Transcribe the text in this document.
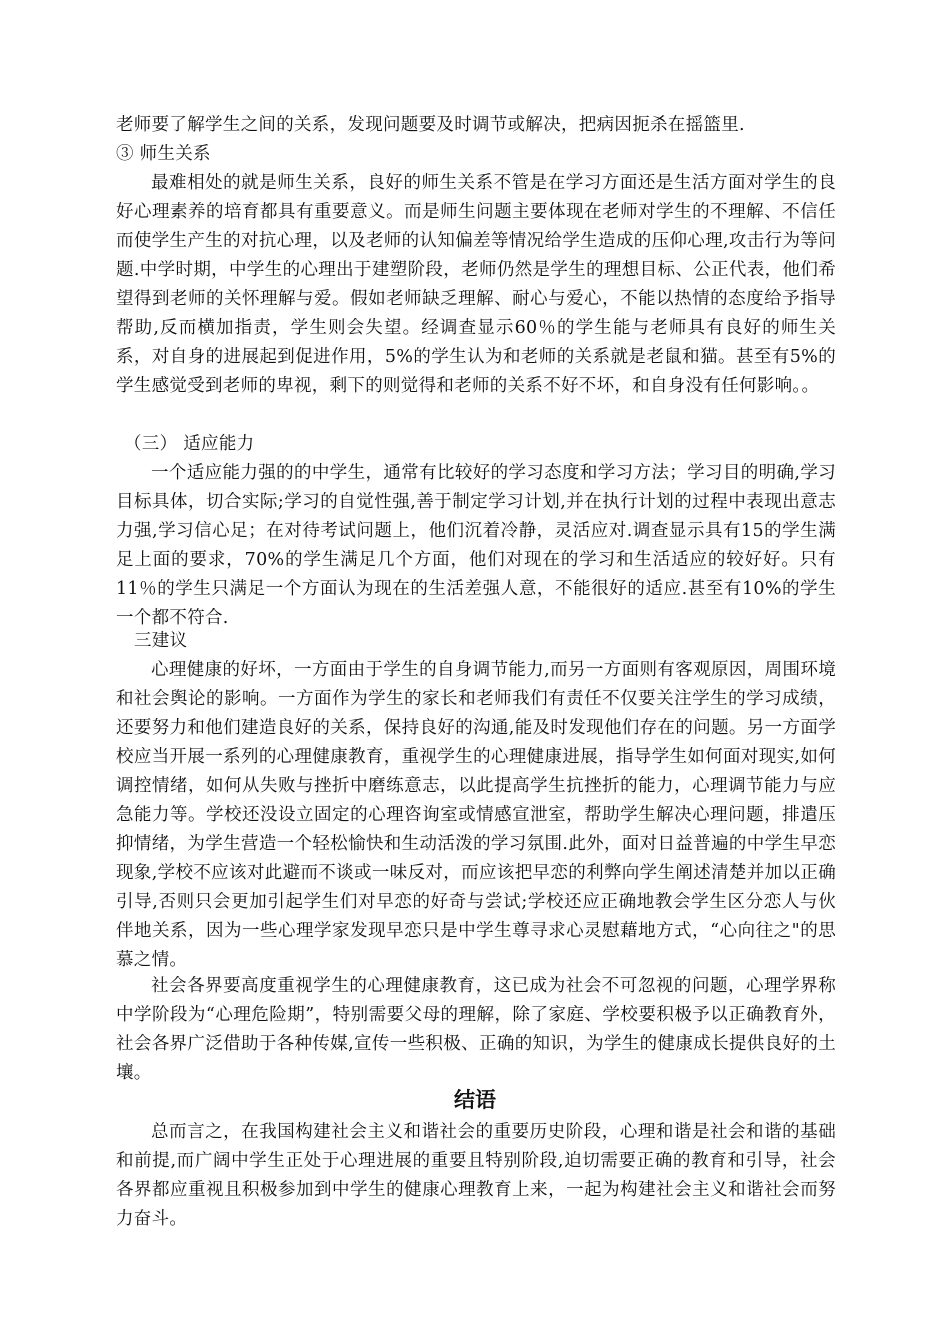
老师要了解学生之间的关系，发现问题要及时调节或解决，把病因扼杀在摇篮里.

③ 师生关系

最难相处的就是师生关系，良好的师生关系不管是在学习方面还是生活方面对学生的良好心理素养的培育都具有重要意义。而是师生问题主要体现在老师对学生的不理解、不信任而使学生产生的对抗心理，以及老师的认知偏差等情况给学生造成的压仰心理,攻击行为等问题.中学时期，中学生的心理出于建塑阶段，老师仍然是学生的理想目标、公正代表，他们希望得到老师的关怀理解与爱。假如老师缺乏理解、耐心与爱心，不能以热情的态度给予指导帮助,反而横加指责，学生则会失望。经调查显示60％的学生能与老师具有良好的师生关系，对自身的进展起到促进作用，5%的学生认为和老师的关系就是老鼠和猫。甚至有5%的学生感觉受到老师的卑视，剩下的则觉得和老师的关系不好不坏，和自身没有任何影响。。

（三） 适应能力

一个适应能力强的的中学生，通常有比较好的学习态度和学习方法；学习目的明确,学习目标具体，切合实际;学习的自觉性强,善于制定学习计划,并在执行计划的过程中表现出意志力强,学习信心足；在对待考试问题上，他们沉着冷静，灵活应对.调查显示具有15的学生满足上面的要求，70%的学生满足几个方面，他们对现在的学习和生活适应的较好好。只有11％的学生只满足一个方面认为现在的生活差强人意，不能很好的适应.甚至有10%的学生一个都不符合.

三建议

心理健康的好坏，一方面由于学生的自身调节能力,而另一方面则有客观原因，周围环境和社会舆论的影响。一方面作为学生的家长和老师我们有责任不仅要关注学生的学习成绩，还要努力和他们建造良好的关系，保持良好的沟通,能及时发现他们存在的问题。另一方面学校应当开展一系列的心理健康教育，重视学生的心理健康进展，指导学生如何面对现实,如何调控情绪，如何从失败与挫折中磨练意志，以此提高学生抗挫折的能力，心理调节能力与应急能力等。学校还没设立固定的心理咨询室或情感宣泄室，帮助学生解决心理问题，排遣压抑情绪，为学生营造一个轻松愉快和生动活泼的学习氛围.此外，面对日益普遍的中学生早恋现象,学校不应该对此避而不谈或一味反对，而应该把早恋的利弊向学生阐述清楚并加以正确引导,否则只会更加引起学生们对早恋的好奇与尝试;学校还应正确地教会学生区分恋人与伙伴地关系，因为一些心理学家发现早恋只是中学生尊寻求心灵慰藉地方式，“心向往之"的思慕之情。

社会各界要高度重视学生的心理健康教育，这已成为社会不可忽视的问题，心理学界称中学阶段为“心理危险期”，特别需要父母的理解，除了家庭、学校要积极予以正确教育外，社会各界广泛借助于各种传媒,宣传一些积极、正确的知识，为学生的健康成长提供良好的土壤。

结语

总而言之，在我国构建社会主义和谐社会的重要历史阶段，心理和谐是社会和谐的基础和前提,而广阔中学生正处于心理进展的重要且特别阶段,迫切需要正确的教育和引导，社会各界都应重视且积极参加到中学生的健康心理教育上来，一起为构建社会主义和谐社会而努力奋斗。
